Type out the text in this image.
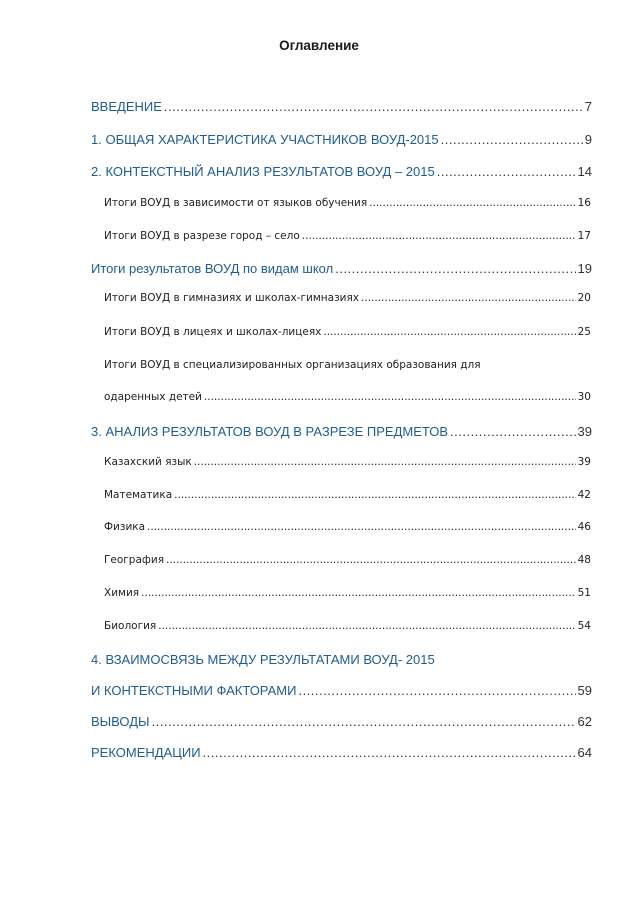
Оглавление
ВВЕДЕНИЕ .....	7
1. ОБЩАЯ ХАРАКТЕРИСТИКА УЧАСТНИКОВ ВОУД-2015 .....	9
2. КОНТЕКСТНЫЙ АНАЛИЗ РЕЗУЛЬТАТОВ ВОУД – 2015 .....	14
Итоги ВОУД в зависимости от языков обучения .....	16
Итоги ВОУД в разрезе город – село .....	17
Итоги результатов ВОУД по видам школ .....	19
Итоги ВОУД в гимназиях и школах-гимназиях .....	20
Итоги ВОУД в лицеях и школах-лицеях .....	25
Итоги ВОУД в специализированных организациях образования для
одаренных детей .....	30
3. АНАЛИЗ РЕЗУЛЬТАТОВ ВОУД В РАЗРЕЗЕ ПРЕДМЕТОВ .....	39
Казахский язык .....	39
Математика .....	42
Физика .....	46
География .....	48
Химия .....	51
Биология .....	54
4. ВЗАИМОСВЯЗЬ МЕЖДУ РЕЗУЛЬТАТАМИ ВОУД- 2015
И КОНТЕКСТНЫМИ ФАКТОРАМИ .....	59
ВЫВОДЫ .....	62
РЕКОМЕНДАЦИИ .....	64
